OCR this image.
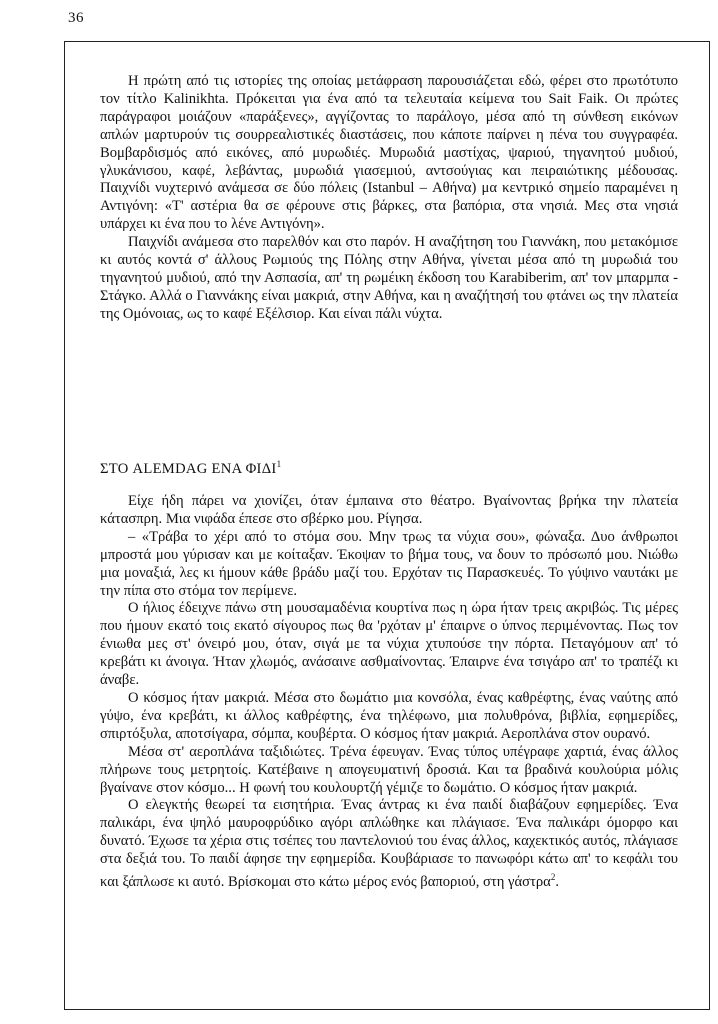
36

Η πρώτη από τις ιστορίες της οποίας μετάφραση παρουσιάζεται εδώ, φέρει στο πρωτότυπο τον τίτλο Kalinikhta. Πρόκειται για ένα από τα τελευταία κείμενα του Sait Faik. Οι πρώτες παράγραφοι μοιάζουν «παράξενες», αγγίζοντας το παράλογο, μέσα από τη σύνθεση εικόνων απλών μαρτυρούν τις σουρρεαλιστικές διαστάσεις, που κάποτε παίρνει η πένα του συγγραφέα. Βομβαρδισμός από εικόνες, από μυρωδιές. Μυρωδιά μαστίχας, ψαριού, τηγανητού μυδιού, γλυκάνισου, καφέ, λεβάντας, μυρωδιά γιασεμιού, αντσούγιας και πειραιώτικης μέδουσας. Παιχνίδι νυχτερινό ανάμεσα σε δύο πόλεις (Istanbul – Αθήνα) μα κεντρικό σημείο παραμένει η Αντιγόνη: «Τ' αστέρια θα σε φέρουνε στις βάρκες, στα βαπόρια, στα νησιά. Μες στα νησιά υπάρχει κι ένα που το λένε Αντιγόνη».

Παιχνίδι ανάμεσα στο παρελθόν και στο παρόν. Η αναζήτηση του Γιαννάκη, που μετακόμισε κι αυτός κοντά σ' άλλους Ρωμιούς της Πόλης στην Αθήνα, γίνεται μέσα από τη μυρωδιά του τηγανητού μυδιού, από την Ασπασία, απ' τη ρωμέικη έκδοση του Karabiberim, απ' τον μπαρμπα - Στάγκο. Αλλά ο Γιαννάκης είναι μακριά, στην Αθήνα, και η αναζήτησή του φτάνει ως την πλατεία της Ομόνοιας, ως το καφέ Εξέλσιορ. Και είναι πάλι νύχτα.

ΣΤΟ ALEMDAG ΕΝΑ ΦΙΔΙ$^1$

Είχε ήδη πάρει να χιονίζει, όταν έμπαινα στο θέατρο. Βγαίνοντας βρήκα την πλατεία κάτασπρη. Μια νιφάδα έπεσε στο σβέρκο μου. Ρίγησα.

– «Τράβα το χέρι από το στόμα σου. Μην τρως τα νύχια σου», φώναξα. Δυο άνθρωποι μπροστά μου γύρισαν και με κοίταξαν. Έκοψαν το βήμα τους, να δουν το πρόσωπό μου. Νιώθω μια μοναξιά, λες κι ήμουν κάθε βράδυ μαζί του. Ερχόταν τις Παρασκευές. Το γύψινο ναυτάκι με την πίπα στο στόμα τον περίμενε.

Ο ήλιος έδειχνε πάνω στη μουσαμαδένια κουρτίνα πως η ώρα ήταν τρεις ακριβώς. Τις μέρες που ήμουν εκατό τοις εκατό σίγουρος πως θα 'ρχόταν μ' έπαιρνε ο ύπνος περιμένοντας. Πως τον ένιωθα μες στ' όνειρό μου, όταν, σιγά με τα νύχια χτυπούσε την πόρτα. Πεταγόμουν απ' τό κρεβάτι κι άνοιγα. Ήταν χλωμός, ανάσαινε ασθμαίνοντας. Έπαιρνε ένα τσιγάρο απ' το τραπέζι κι άναβε.

Ο κόσμος ήταν μακριά. Μέσα στο δωμάτιο μια κονσόλα, ένας καθρέφτης, ένας ναύτης από γύψο, ένα κρεβάτι, κι άλλος καθρέφτης, ένα τηλέφωνο, μια πολυθρόνα, βιβλία, εφημερίδες, σπιρτόξυλα, αποτσίγαρα, σόμπα, κουβέρτα. Ο κόσμος ήταν μακριά. Αεροπλάνα στον ουρανό.

Μέσα στ' αεροπλάνα ταξιδιώτες. Τρένα έφευγαν. Ένας τύπος υπέγραφε χαρτιά, ένας άλλος πλήρωνε τους μετρητοίς. Κατέβαινε η απογευματινή δροσιά. Και τα βραδινά κουλούρια μόλις βγαίνανε στον κόσμο... Η φωνή του κουλουρτζή γέμιζε το δωμάτιο. Ο κόσμος ήταν μακριά.

Ο ελεγκτής θεωρεί τα εισητήρια. Ένας άντρας κι ένα παιδί διαβάζουν εφημερίδες. Ένα παλικάρι, ένα ψηλό μαυροφρύδικο αγόρι απλώθηκε και πλάγιασε. Ένα παλικάρι όμορφο και δυνατό. Έχωσε τα χέρια στις τσέπες του παντελονιού του ένας άλλος, καχεκτικός αυτός, πλάγιασε στα δεξιά του. Το παιδί άφησε την εφημερίδα. Κουβάριασε το πανωφόρι κάτω απ' το κεφάλι του και ξάπλωσε κι αυτό. Βρίσκομαι στο κάτω μέρος ενός βαποριού, στη γάστρα$^2$.
